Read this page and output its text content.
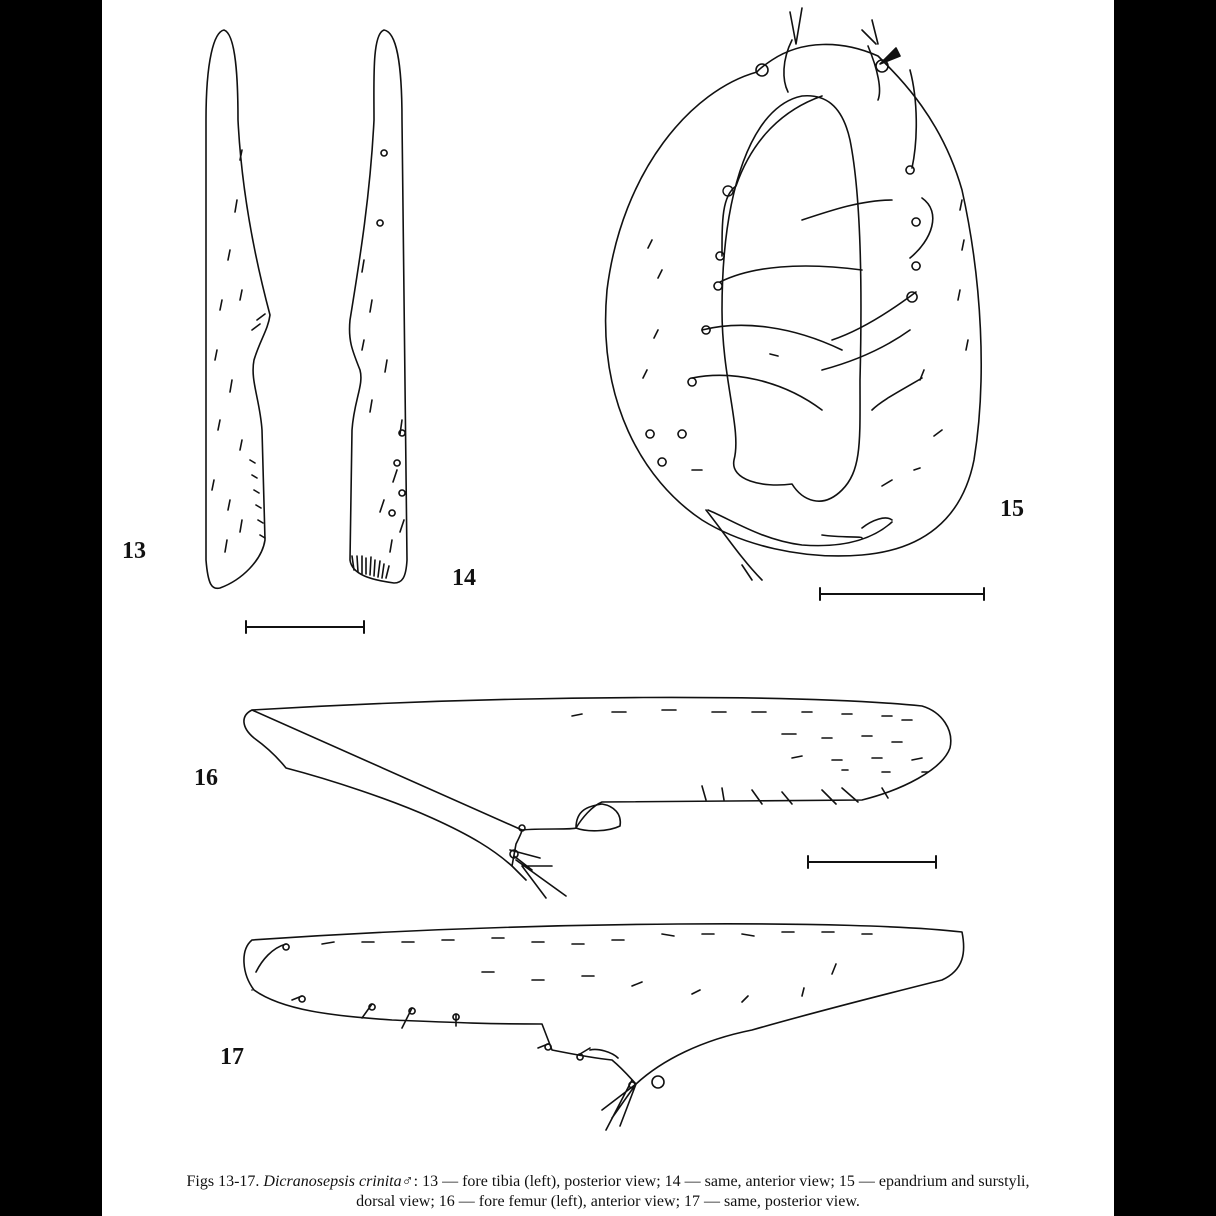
13
14
15
16
17
Figs 13-17. Dicranosepsis crinita♂: 13 — fore tibia (left), posterior view; 14 — same, anterior view; 15 — epandrium and surstyli,
dorsal view; 16 — fore femur (left), anterior view; 17 — same, posterior view.
